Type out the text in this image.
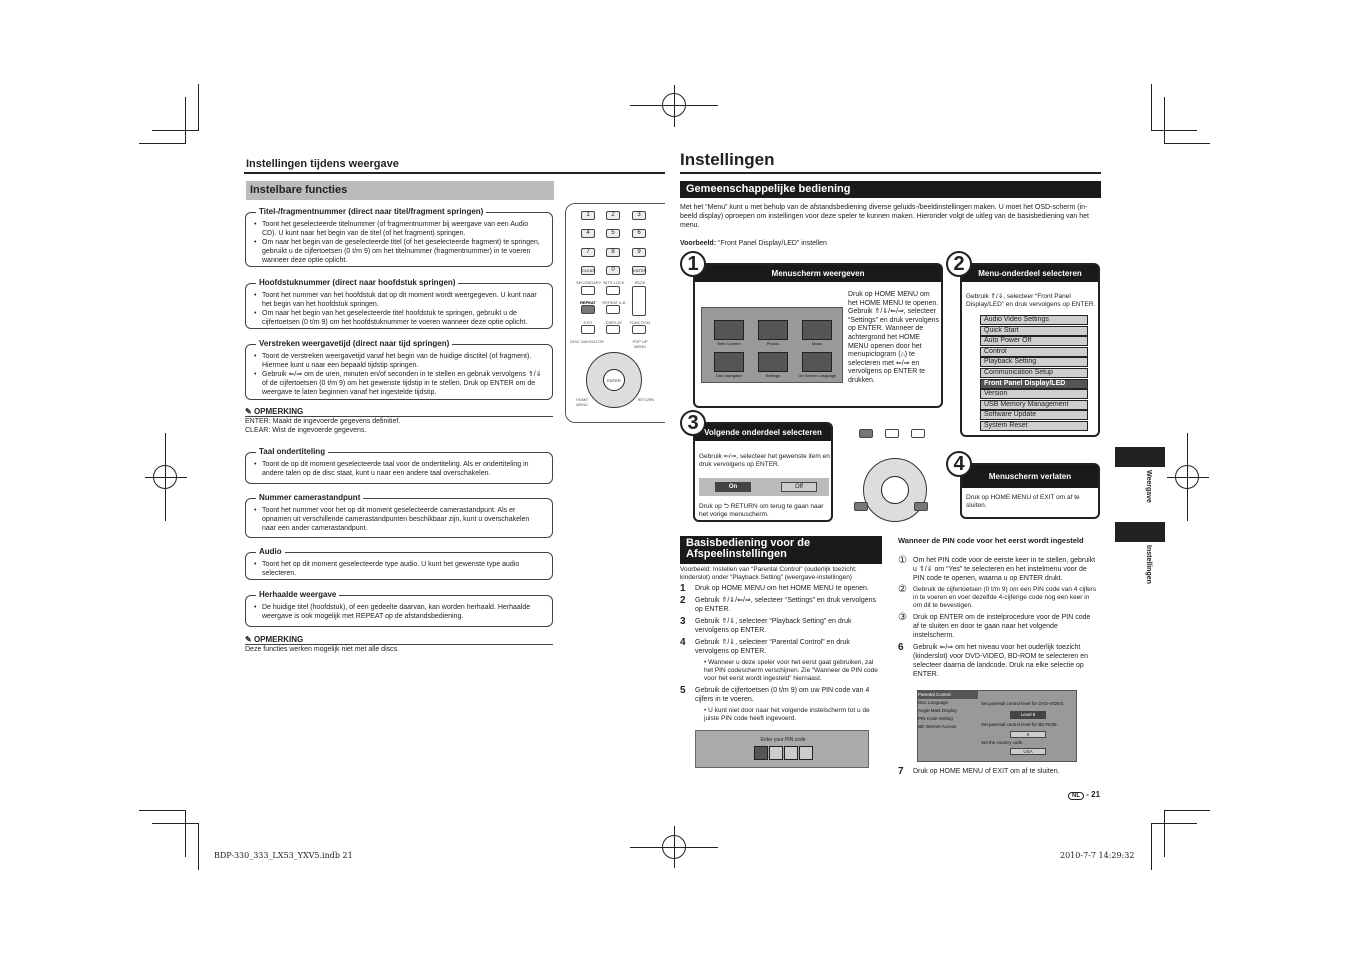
Instellingen tijdens weergave
Instelbare functies
Titel-/fragmentnummer (direct naar titel/fragment springen)
• Toont het geselecteerde titelnummer (of fragmentnummer bij weergave van een Audio CD). U kunt naar het begin van de titel (of het fragment) springen.
• Om naar het begin van de geselecteerde titel (of het geselecteerde fragment) te springen, gebruikt u de cijfertoetsen (0 t/m 9) om het titelnummer (fragmentnummer) in te voeren wanneer deze optie oplicht.
Hoofdstuknummer (direct naar hoofdstuk springen)
• Toont het nummer van het hoofdstuk dat op dit moment wordt weergegeven. U kunt naar het begin van het hoofdstuk springen.
• Om naar het begin van het geselecteerde titel hoofdstuk te springen, gebruikt u de cijfertoetsen (0 t/m 9) om het hoofdstuknummer te voeren wanneer deze optie oplicht.
Verstreken weergavetijd (direct naar tijd springen)
• Toont de verstreken weergavetijd vanaf het begin van de huidige disctitel (of fragment). Hiermee kunt u naar een bepaald tijdstip springen.
• Gebruik ⇐/⇒ om de uren, minuten en/of seconden in te stellen en gebruik vervolgens ⇑/⇓ of de cijfertoetsen (0 t/m 9) om het gewenste tijdstip in te stellen. Druk op ENTER om de weergave te laten beginnen vanaf het ingestelde tijdstip.
✎ OPMERKING
ENTER: Maakt de ingevoerde gegevens definitief.
CLEAR: Wist de ingevoerde gegevens.
Taal ondertiteling
• Toont de op dit moment geselecteerde taal voor de ondertiteling. Als er ondertiteling in andere talen op de disc staat, kunt u naar een andere taal overschakelen.
Nummer camerastandpunt
• Toont het nummer voor het op dit moment geselecteerde camerastandpunt. Als er opnamen uit verschillende camerastandpunten beschikbaar zijn, kunt u overschakelen naar een ander camerastandpunt.
Audio
• Toont het op dit moment geselecteerde type audio. U kunt het gewenste type audio selecteren.
Herhaalde weergave
• De huidige titel (hoofdstuk), of een gedeelte daarvan, kan worden herhaald. Herhaalde weergave is ook mogelijk met REPEAT op de afstandsbediening.
✎ OPMERKING
Deze functies werken mogelijk niet met alle discs.
1	2	3
4	5	6
7	8	9
CLEAR	0	ENTER
SECONDARY BITS LOCK	PAGE
REPEAT	REPEAT A-B
EXIT	DISPLAY	FUNCTION
DISC NAVIGATOR	POP UP MENU
ENTER
HOME MENU
RETURN
Instellingen
Gemeenschappelijke bediening
Met het “Menu” kunt u met behulp van de afstandsbediening diverse geluids-/beeldinstellingen maken. U moet het OSD-scherm (in-beeld display) oproepen om instellingen voor deze speler te kunnen maken. Hieronder volgt de uitleg van de basisbediening van het menu.
Voorbeeld: “Front Panel Display/LED” instellen
Menuscherm weergeven
Web Content	Photos	Music
Disc Navigator	Settings	On Screen Language
Druk op HOME MENU om het HOME MENU te openen. Gebruik ⇑/⇓/⇐/⇒, selecteer “Settings” en druk vervolgens op ENTER. Wanneer de achtergrond het HOME MENU openen door het menupictogram (⌂) te selecteren met ⇐/⇒ en vervolgens op ENTER te drukken.
1	Menu-onderdeel selecteren
Gebruik ⇑/⇓, selecteer “Front Panel Display/LED” en druk vervolgens op ENTER.
Audio Video Settings
Quick Start
Auto Power Off
Control
Playback Setting
Communication Setup
Front Panel Display/LED
Version
USB Memory Management
Software Update
System Reset
2
Volgende onderdeel selecteren
Gebruik ⇐/⇒, selecteer het gewenste item en druk vervolgens op ENTER.
On	Off
Druk op ⮌ RETURN om terug te gaan naar het vorige menuscherm.
3
Menuscherm verlaten
Druk op HOME MENU of EXIT om af te sluiten.
4
Basisbediening voor de Afspeelinstellingen
Voorbeeld: Instellen van “Parental Control” (ouderlijk toezicht; kinderslot) onder “Playback Setting” (weergave-instellingen)
1 Druk op HOME MENU om het HOME MENU te openen.
2 Gebruik ⇑/⇓/⇐/⇒, selecteer “Settings” en druk vervolgens op ENTER.
3 Gebruik ⇑/⇓, selecteer “Playback Setting” en druk vervolgens op ENTER.
4 Gebruik ⇑/⇓, selecteer “Parental Control” en druk vervolgens op ENTER.
• Wanneer u deze speler voor het eerst gaat gebruiken, zal het PIN codescherm verschijnen. Zie “Wanneer de PIN code voor het eerst wordt ingesteld” hiernaast.
5 Gebruik de cijfertoetsen (0 t/m 9) om uw PIN code van 4 cijfers in te voeren.
• U kunt niet door naar het volgende instelscherm tot u de juiste PIN code heeft ingevoerd.
Enter your PIN code
Wanneer de PIN code voor het eerst wordt ingesteld
① Om het PIN code voor de eerste keer in te stellen, gebruikt u ⇑/⇓ om “Yes” te selecteren en het instelmenu voor de PIN code te openen, waarna u op ENTER drukt.
② Gebruik de cijfertoetsen (0 t/m 9) om een PIN code van 4 cijfers in te voeren en voer dezelfde 4-cijferige code nog een keer in om dit te bevestigen.
③ Druk op ENTER om de instelprocedure voor de PIN code af te sluiten en door te gaan naar het volgende instelscherm.
6 Gebruik ⇐/⇒ om het niveau voor het ouderlijk toezicht (kinderslot) voor DVD-VIDEO, BD-ROM te selecteren en selecteer daarna de landcode. Druk na elke selectie op ENTER.
Parental Control
Disc Language
Angle Mark Display
PIN Code Setting
BD Internet Access
Set parental control level for DVD-VIDEO.
Level 8
Set parental control level for BD-ROM.
0
Set the country code.
USA
7 Druk op HOME MENU of EXIT om af te sluiten.
Weergave
Instellingen
NL - 21
BDP-330_333_LX53_YXV5.indb 21	2010-7-7 14:29:32
